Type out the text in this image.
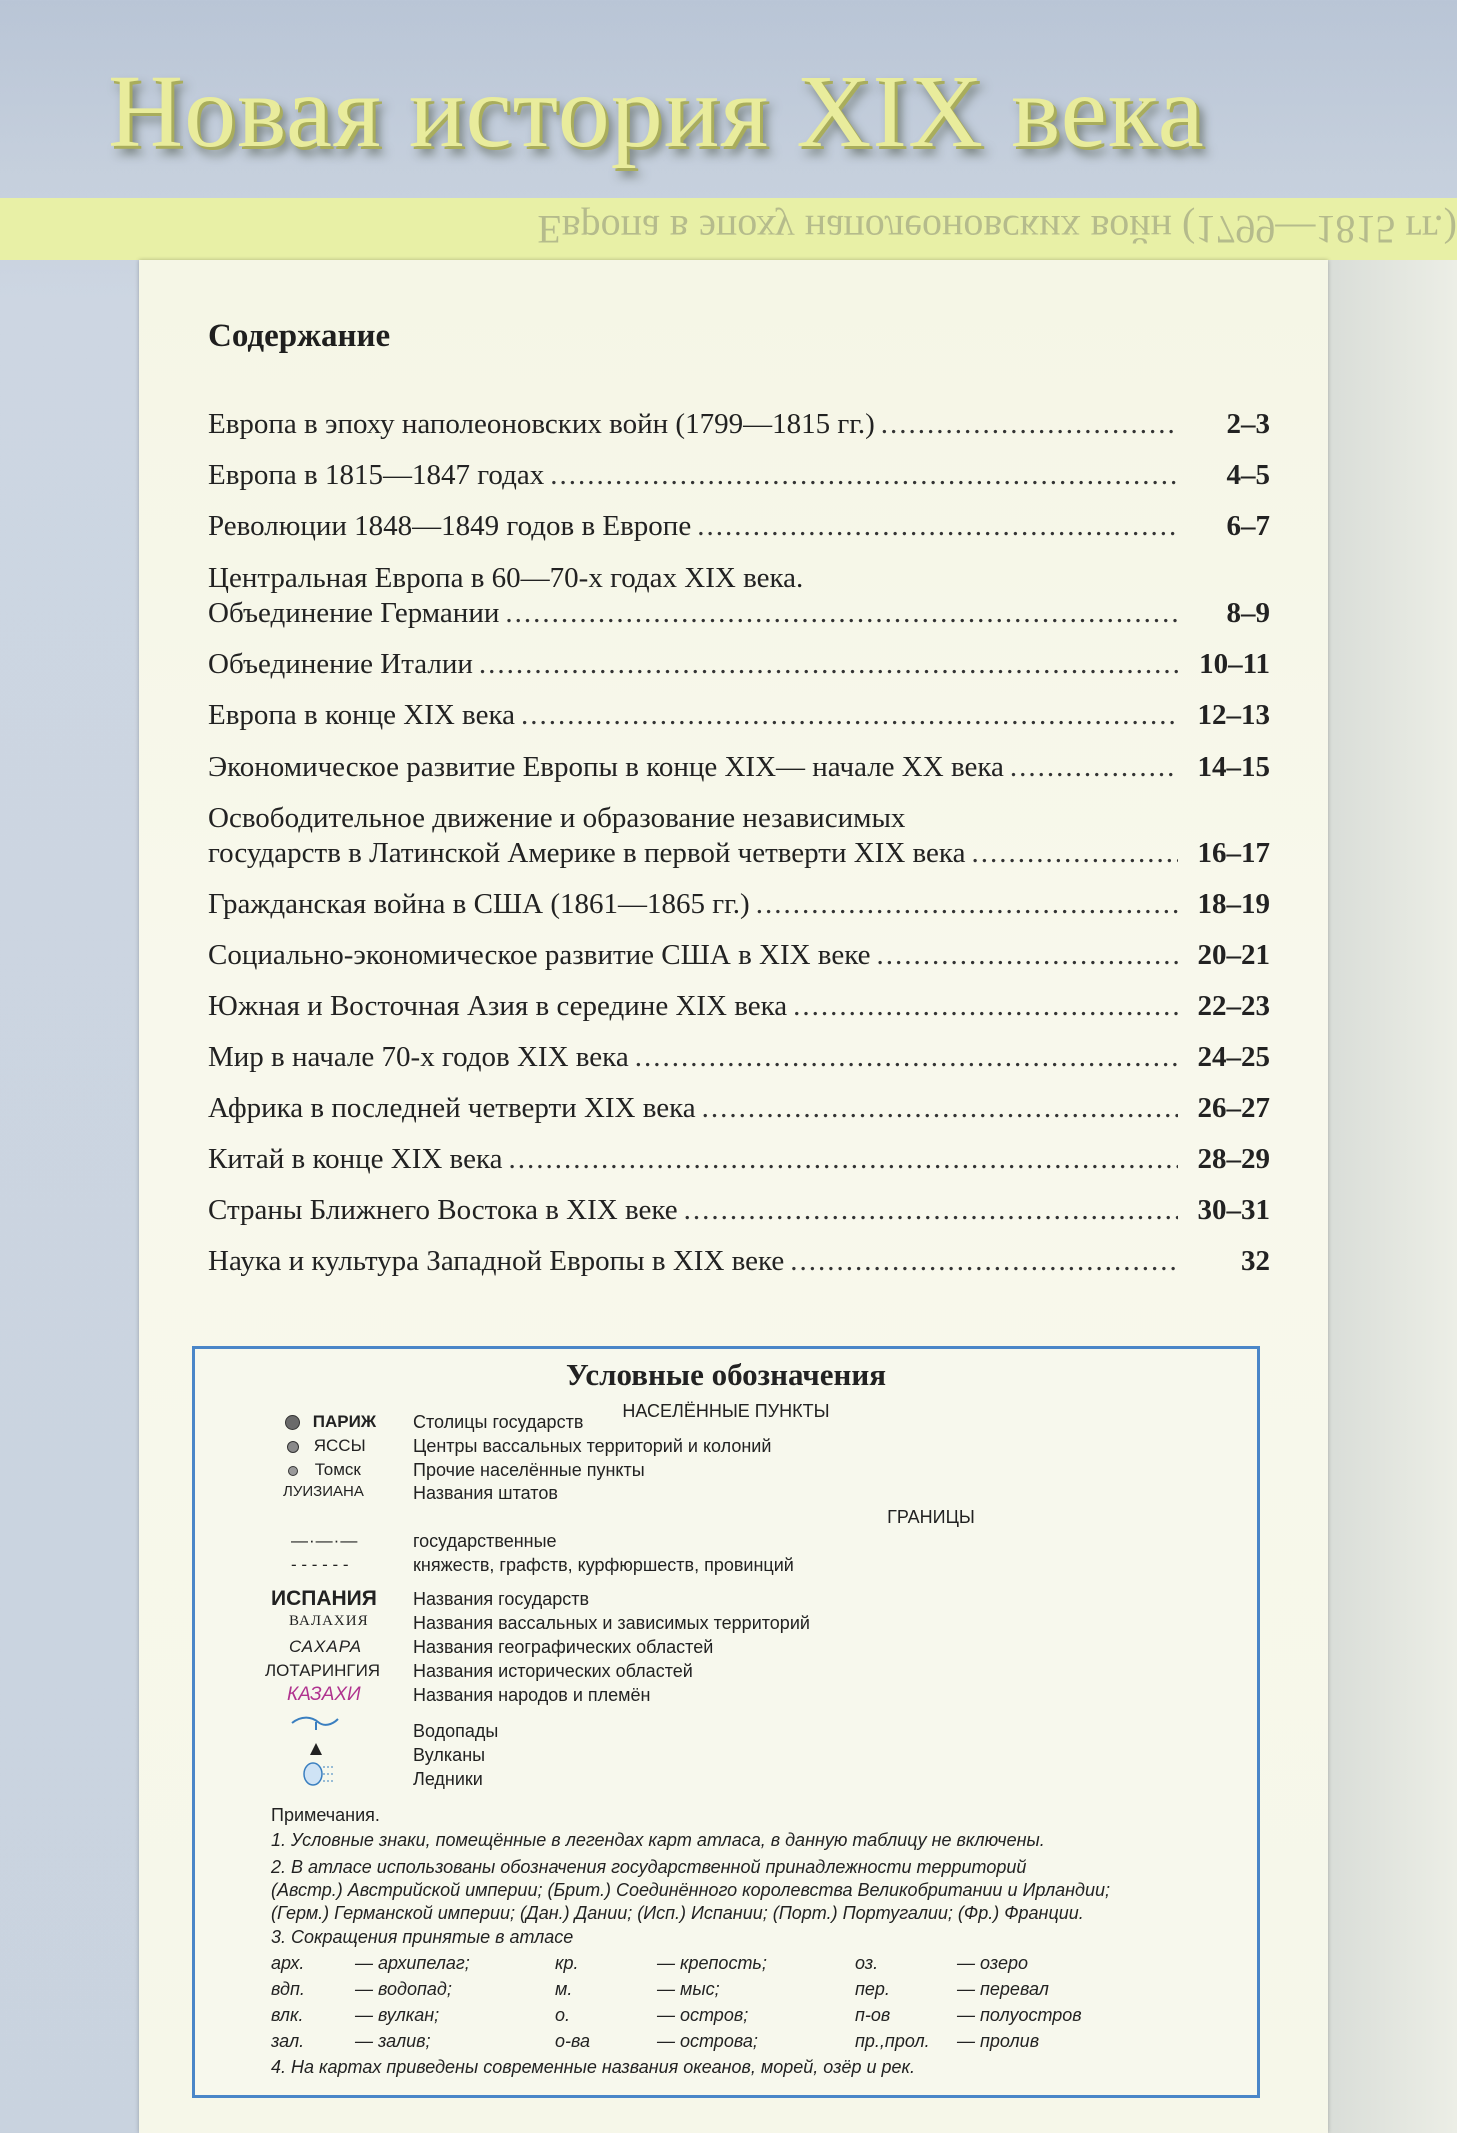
Европа в эпоху наполеоновских войн (1799—1815 гг.)
Новая история XIX века
Содержание
Европа в эпоху наполеоновских войн (1799—1815 гг.) .....	2–3
Европа в 1815—1847 годах .....	4–5
Революции 1848—1849 годов в Европе .....	6–7
Центральная Европа в 60—70-х годах XIX века.
Объединение Германии .....	8–9
Объединение Италии .....	10–11
Европа в конце XIX века .....	12–13
Экономическое развитие Европы в конце XIX— начале XX века .....	14–15
Освободительное движение и образование независимых
государств в Латинской Америке в первой четверти XIX века .....	16–17
Гражданская война в США (1861—1865 гг.) .....	18–19
Социально-экономическое развитие США в XIX веке .....	20–21
Южная и Восточная Азия в середине XIX века .....	22–23
Мир в начале 70-х годов XIX века .....	24–25
Африка в последней четверти XIX века .....	26–27
Китай в конце XIX века .....	28–29
Страны Ближнего Востока в XIX веке .....	30–31
Наука и культура Западной Европы в XIX веке .....	32
Условные обозначения
НАСЕЛЁННЫЕ ПУНКТЫ
ПАРИЖ Столицы государств
ЯССЫ	Центры вассальных территорий и колоний
Томск	Прочие населённые пункты
ЛУИЗИАНА	Названия штатов
ГРАНИЦЫ
—·—·—	государственные
- - - - - -	княжеств, графств, курфюршеств, провинций
ИСПАНИЯ Названия государств
ВАЛАХИЯ Названия вассальных и зависимых территорий
САХАРА	Названия географических областей
ЛОТАРИНГИЯ Названия исторических областей
КАЗАХИ	Названия народов и племён
Водопады
Вулканы
Ледники
Примечания.
1. Условные знаки, помещённые в легендах карт атласа, в данную таблицу не включены.
2. В атласе использованы обозначения государственной принадлежности территорий
(Австр.) Австрийской империи; (Брит.) Соединённого королевства Великобритании и Ирландии;
(Герм.) Германской империи; (Дан.) Дании; (Исп.) Испании; (Порт.) Португалии; (Фр.) Франции.
3. Сокращения принятые в атласе
арх.	— архипелаг;	кр.	— крепость;	оз.	— озеро
вдп.	— водопад;	м.	— мыс;	пер.	— перевал
влк.	— вулкан;	о.	— остров;	п-ов	— полуостров
зал.	— залив;	о-ва	— острова;	пр.,прол. — пролив
4. На картах приведены современные названия океанов, морей, озёр и рек.
